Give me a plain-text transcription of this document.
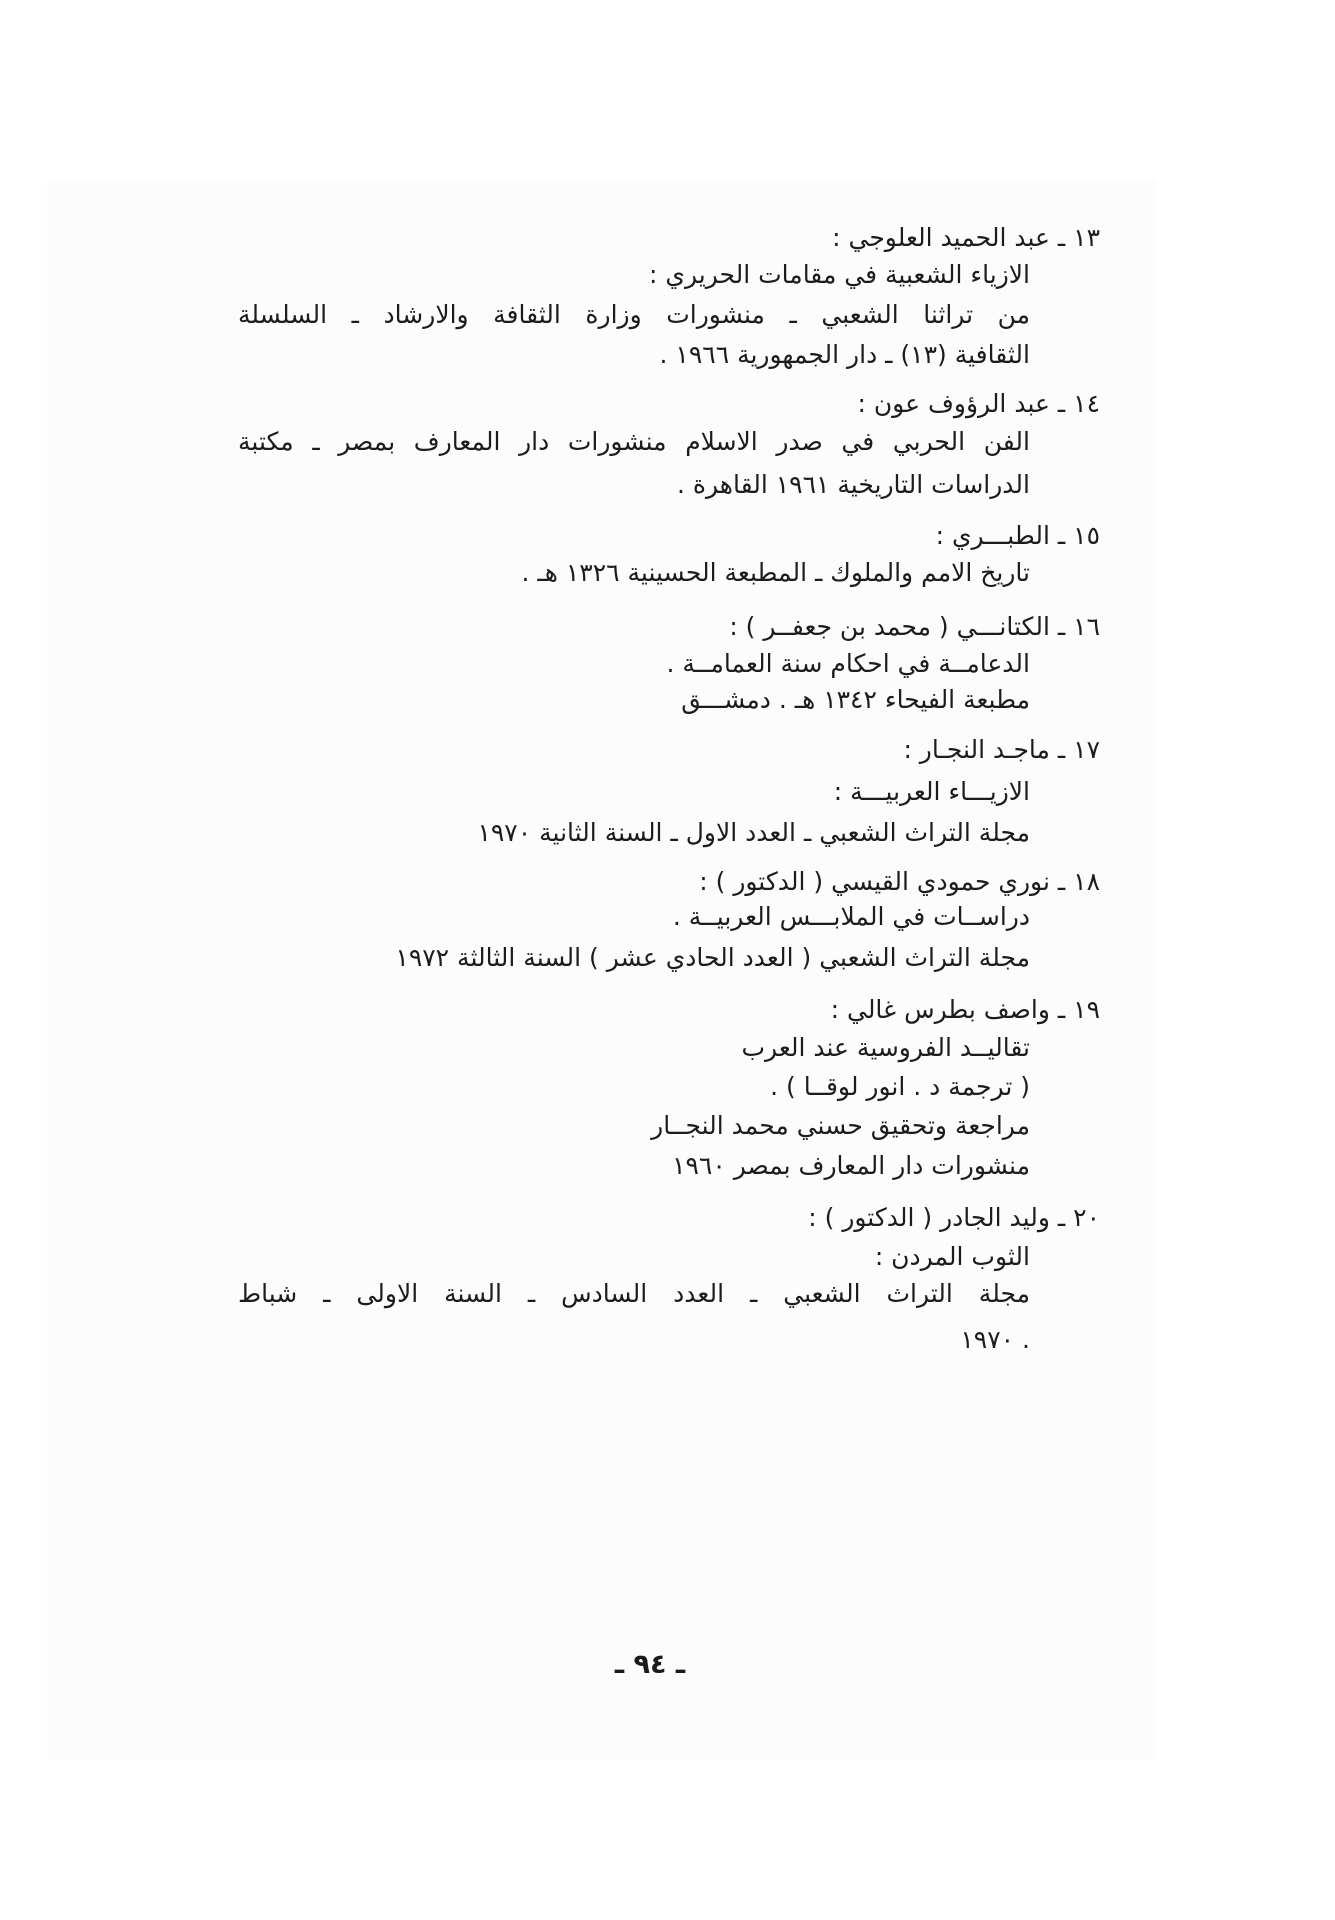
١٣ ـ عبد الحميد العلوجي :
الازياء الشعبية في مقامات الحريري :
من تراثنا الشعبي ـ منشورات وزارة الثقافة والارشاد ـ السلسلة
الثقافية (١٣) ـ دار الجمهورية ١٩٦٦ .
١٤ ـ عبد الرؤوف عون :
الفن الحربي في صدر الاسلام منشورات دار المعارف بمصر ـ مكتبة
الدراسات التاريخية ١٩٦١ القاهرة .
١٥ ـ الطبـــري :
تاريخ الامم والملوك ـ المطبعة الحسينية ١٣٢٦ هـ .
١٦ ـ الكتانـــي ( محمد بن جعفــر ) :
الدعامــة في احكام سنة العمامــة .
مطبعة الفيحاء ١٣٤٢ هـ . دمشـــق
١٧ ـ ماجـد النجـار :
الازيـــاء العربيـــة :
مجلة التراث الشعبي ـ العدد الاول ـ السنة الثانية ١٩٧٠
١٨ ـ نوري حمودي القيسي ( الدكتور ) :
دراســات في الملابـــس العربيــة .
مجلة التراث الشعبي ( العدد الحادي عشر ) السنة الثالثة ١٩٧٢
١٩ ـ واصف بطرس غالي :
تقاليــد الفروسية عند العرب
( ترجمة د . انور لوقــا ) .
مراجعة وتحقيق حسني محمد النجــار
منشورات دار المعارف بمصر ١٩٦٠
٢٠ ـ وليد الجادر ( الدكتور ) :
الثوب المردن :
مجلة التراث الشعبي ـ العدد السادس ـ السنة الاولى ـ شباط
. ١٩٧٠
ـ ٩٤ ـ
